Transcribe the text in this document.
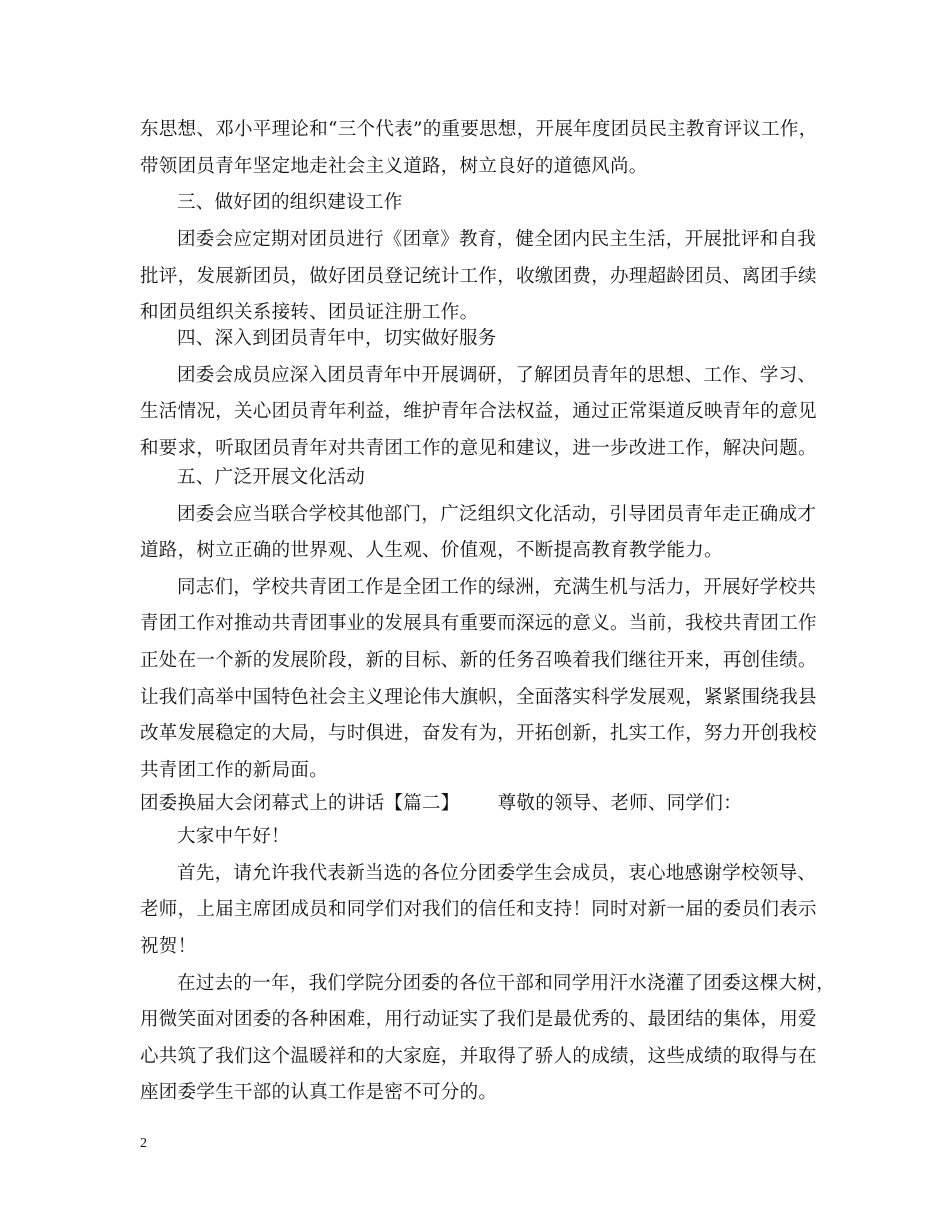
东思想、邓小平理论和“三个代表”的重要思想，开展年度团员民主教育评议工作，
带领团员青年坚定地走社会主义道路，树立良好的道德风尚。
三、做好团的组织建设工作
团委会应定期对团员进行《团章》教育，健全团内民主生活，开展批评和自我
批评，发展新团员，做好团员登记统计工作，收缴团费，办理超龄团员、离团手续
和团员组织关系接转、团员证注册工作。
四、深入到团员青年中，切实做好服务
团委会成员应深入团员青年中开展调研，了解团员青年的思想、工作、学习、
生活情况，关心团员青年利益，维护青年合法权益，通过正常渠道反映青年的意见
和要求，听取团员青年对共青团工作的意见和建议，进一步改进工作，解决问题。
五、广泛开展文化活动
团委会应当联合学校其他部门，广泛组织文化活动，引导团员青年走正确成才
道路，树立正确的世界观、人生观、价值观，不断提高教育教学能力。
同志们，学校共青团工作是全团工作的绿洲，充满生机与活力，开展好学校共
青团工作对推动共青团事业的发展具有重要而深远的意义。当前，我校共青团工作
正处在一个新的发展阶段，新的目标、新的任务召唤着我们继往开来，再创佳绩。
让我们高举中国特色社会主义理论伟大旗帜，全面落实科学发展观，紧紧围绕我县
改革发展稳定的大局，与时俱进，奋发有为，开拓创新，扎实工作，努力开创我校
共青团工作的新局面。
团委换届大会闭幕式上的讲话【篇二】 尊敬的领导、老师、同学们：
大家中午好！
首先，请允许我代表新当选的各位分团委学生会成员，衷心地感谢学校领导、
老师，上届主席团成员和同学们对我们的信任和支持！同时对新一届的委员们表示
祝贺！
在过去的一年，我们学院分团委的各位干部和同学用汗水浇灌了团委这棵大树，
用微笑面对团委的各种困难，用行动证实了我们是最优秀的、最团结的集体，用爱
心共筑了我们这个温暖祥和的大家庭，并取得了骄人的成绩，这些成绩的取得与在
座团委学生干部的认真工作是密不可分的。
2
